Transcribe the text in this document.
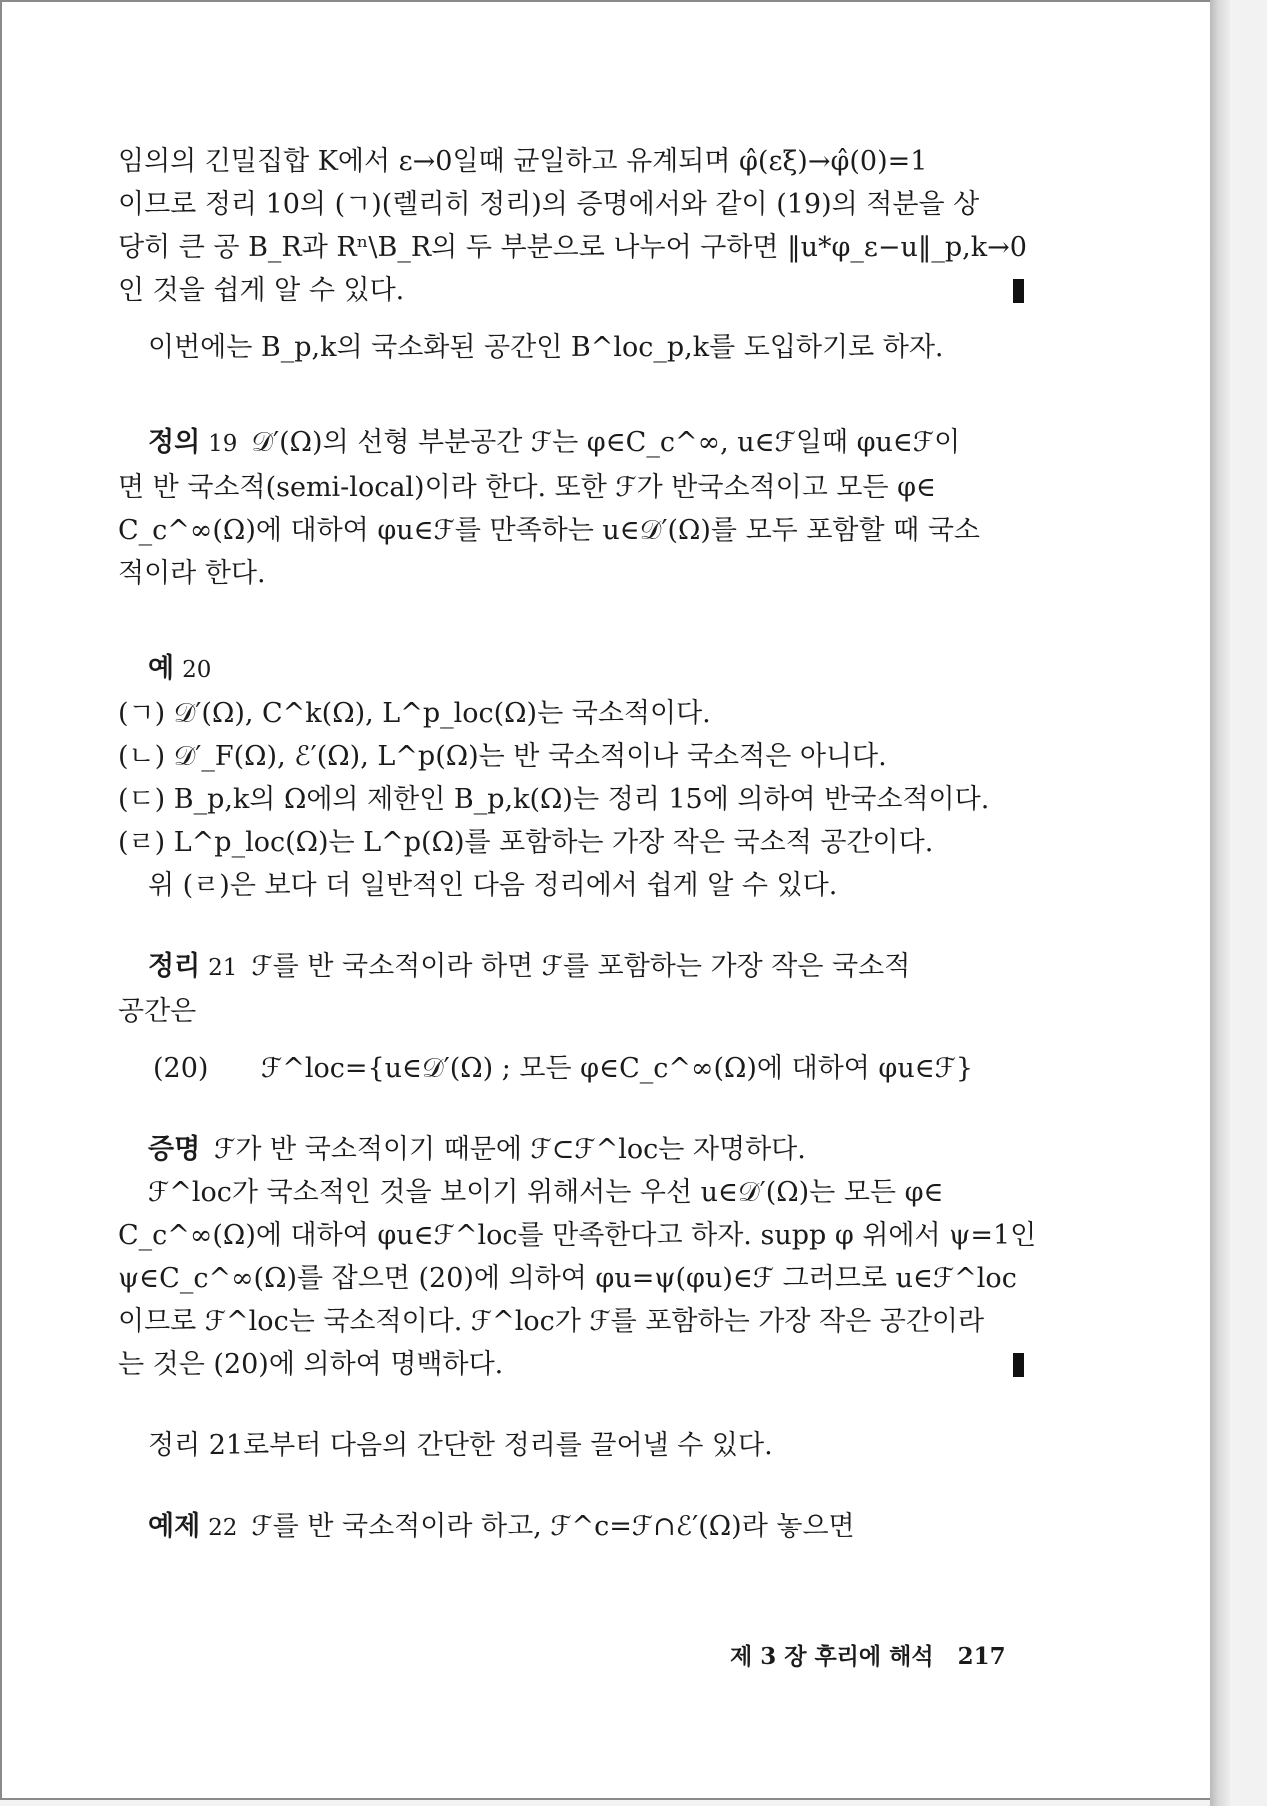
임의의 긴밀집합 K에서 ε→0일때 균일하고 유계되며 φ̂(εξ)→φ̂(0)=1

이므로 정리 10의 (ㄱ)(렐리히 정리)의 증명에서와 같이 (19)의 적분을 상

당히 큰 공 B_R과 Rⁿ\B_R의 두 부분으로 나누어 구하면 ‖u*φ_ε−u‖_p,k→0

인 것을 쉽게 알 수 있다.

이번에는 B_p,k의 국소화된 공간인 B^loc_p,k를 도입하기로 하자.

정의 19 𝒟′(Ω)의 선형 부분공간 ℱ는 φ∈C_c^∞, u∈ℱ일때 φu∈ℱ이

면 반 국소적(semi-local)이라 한다. 또한 ℱ가 반국소적이고 모든 φ∈

C_c^∞(Ω)에 대하여 φu∈ℱ를 만족하는 u∈𝒟′(Ω)를 모두 포함할 때 국소

적이라 한다.

예 20

(ㄱ) 𝒟′(Ω), C^k(Ω), L^p_loc(Ω)는 국소적이다.

(ㄴ) 𝒟′_F(Ω), ℰ′(Ω), L^p(Ω)는 반 국소적이나 국소적은 아니다.

(ㄷ) B_p,k의 Ω에의 제한인 B_p,k(Ω)는 정리 15에 의하여 반국소적이다.

(ㄹ) L^p_loc(Ω)는 L^p(Ω)를 포함하는 가장 작은 국소적 공간이다.

위 (ㄹ)은 보다 더 일반적인 다음 정리에서 쉽게 알 수 있다.

정리 21 ℱ를 반 국소적이라 하면 ℱ를 포함하는 가장 작은 국소적

공간은

(20) ℱ^loc={u∈𝒟′(Ω) ; 모든 φ∈C_c^∞(Ω)에 대하여 φu∈ℱ}

증명 ℱ가 반 국소적이기 때문에 ℱ⊂ℱ^loc는 자명하다.

ℱ^loc가 국소적인 것을 보이기 위해서는 우선 u∈𝒟′(Ω)는 모든 φ∈

C_c^∞(Ω)에 대하여 φu∈ℱ^loc를 만족한다고 하자. supp φ 위에서 ψ=1인

ψ∈C_c^∞(Ω)를 잡으면 (20)에 의하여 φu=ψ(φu)∈ℱ 그러므로 u∈ℱ^loc

이므로 ℱ^loc는 국소적이다. ℱ^loc가 ℱ를 포함하는 가장 작은 공간이라

는 것은 (20)에 의하여 명백하다.

정리 21로부터 다음의 간단한 정리를 끌어낼 수 있다.

예제 22 ℱ를 반 국소적이라 하고, ℱ^c=ℱ∩ℰ′(Ω)라 놓으면

제 3 장 후리에 해석 217
